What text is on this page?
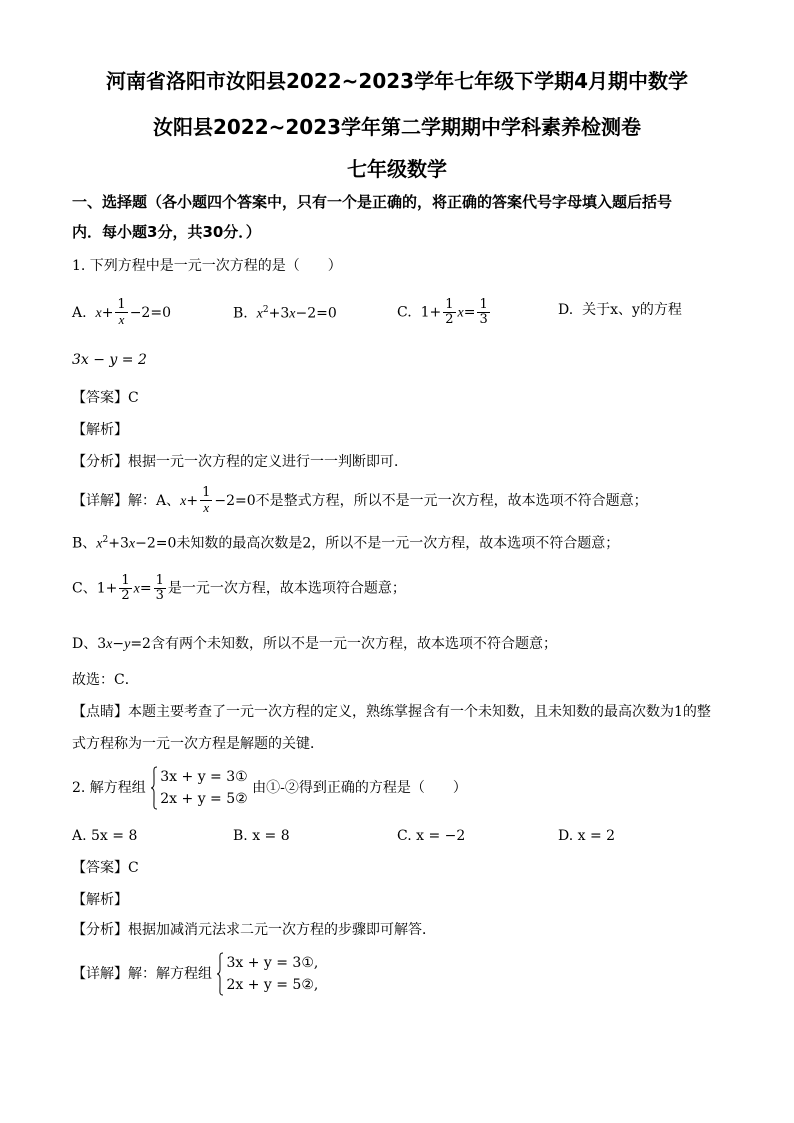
河南省洛阳市汝阳县2022~2023学年七年级下学期4月期中数学
汝阳县2022~2023学年第二学期期中学科素养检测卷
七年级数学
一、选择题（各小题四个答案中，只有一个是正确的，将正确的答案代号字母填入题后括号
内．每小题3分，共30分．）
1. 下列方程中是一元一次方程的是（　　）
A. $x+ \frac{1}{x} -2=0$	B. $x^2+3x-2=0$	C.  $1+ \frac{1}{2} x= \frac{1}{3}$	D. 关于x、y的方程
3x − y = 2
【答案】C
【解析】
【分析】根据一元一次方程的定义进行一一判断即可．
【详解】解：A、$x+ \frac{1}{x} -2=0$不是整式方程，所以不是一元一次方程，故本选项不符合题意；
B、$x^2+3x-2=0$未知数的最高次数是2，所以不是一元一次方程，故本选项不符合题意；
C、$1+ \frac{1}{2} x= \frac{1}{3}$ 是一元一次方程，故本选项符合题意；
D、3x−y=2含有两个未知数，所以不是一元一次方程，故本选项不符合题意；
故选：C．
【点睛】本题主要考查了一元一次方程的定义，熟练掌握含有一个未知数，且未知数的最高次数为1的整
式方程称为一元一次方程是解题的关键．
2. 解方程组
3x + y = 3①
2x + y = 5②
由①-②得到正确的方程是（　　）
A. 5x = 8	B. x = 8	C. x = −2	D. x = 2
【答案】C
【解析】
【分析】根据加减消元法求二元一次方程的步骤即可解答．
【详解】解：解方程组
3x + y = 3①,
2x + y = 5②,
